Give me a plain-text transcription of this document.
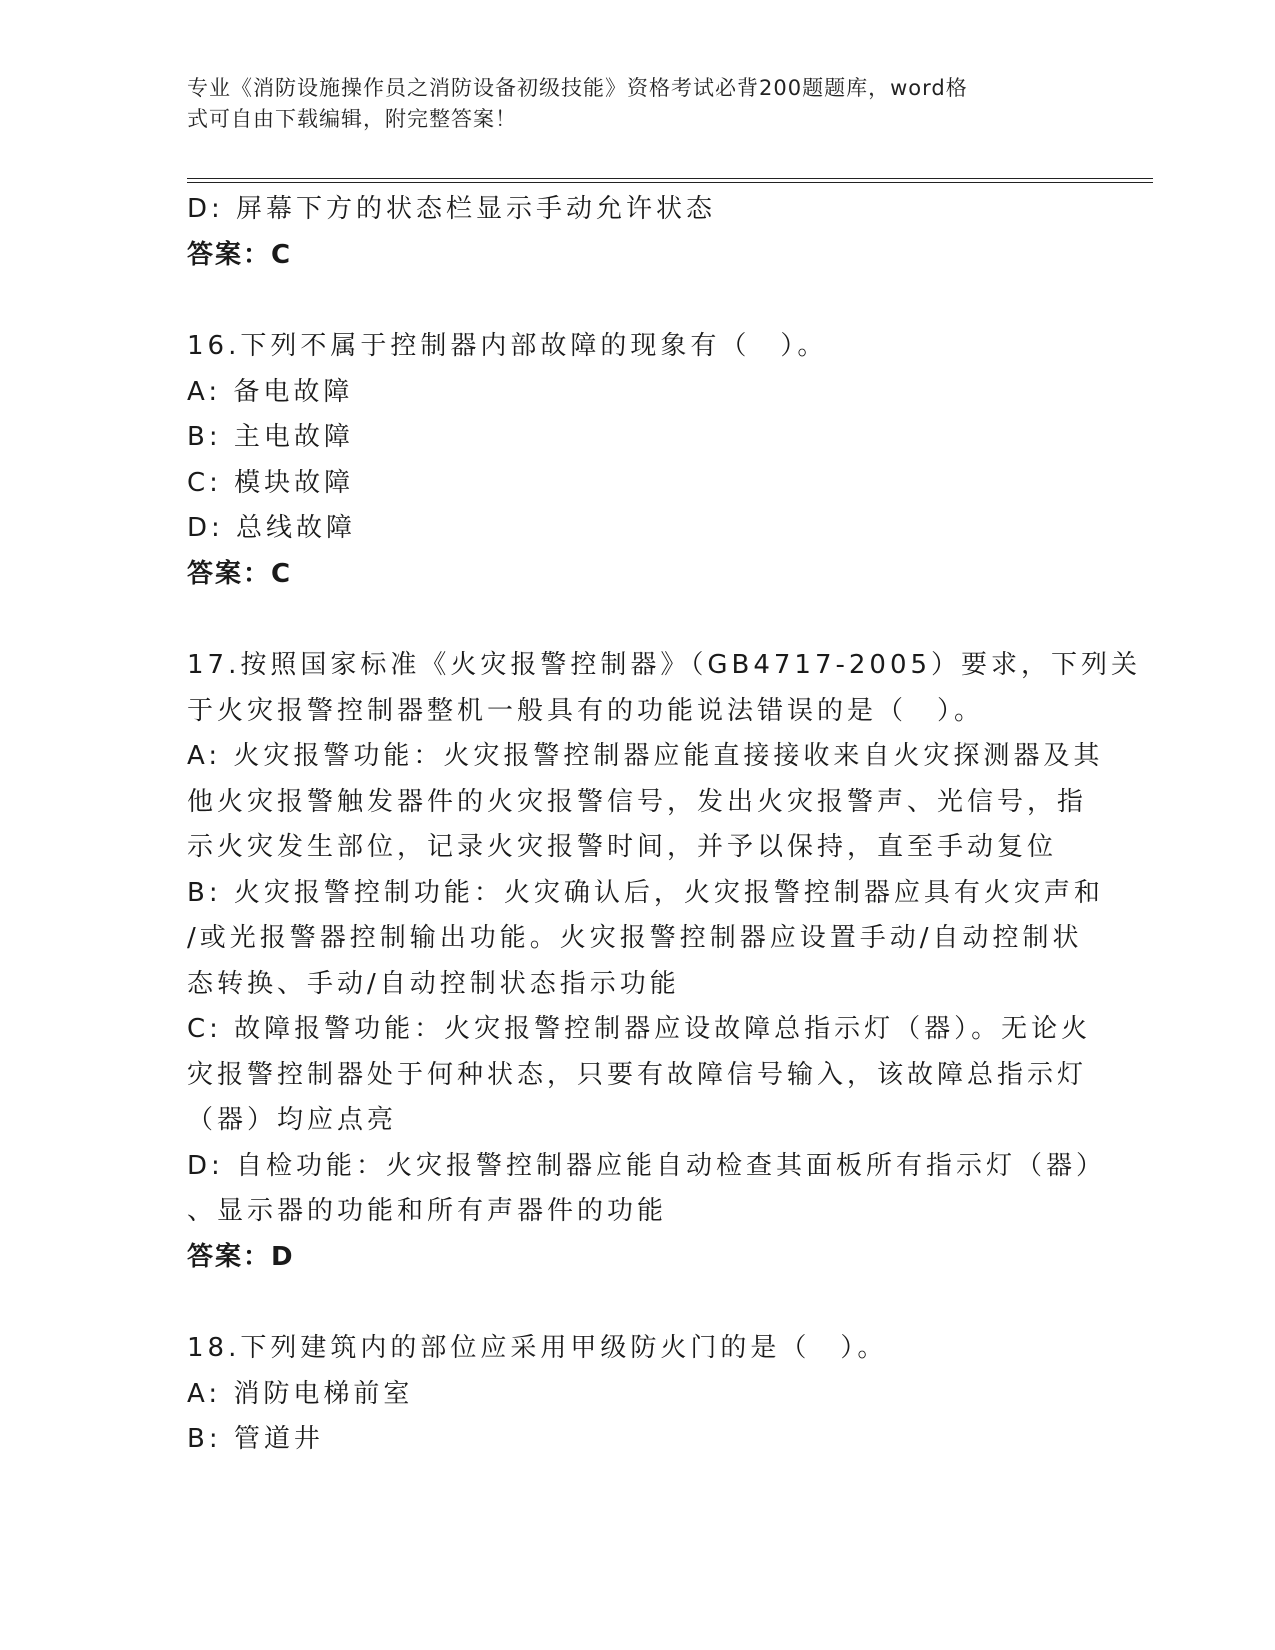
专业《消防设施操作员之消防设备初级技能》资格考试必背200题题库，word格
式可自由下载编辑，附完整答案！
D: 屏幕下方的状态栏显示手动允许状态
答案：C
16.下列不属于控制器内部故障的现象有（　）。
A: 备电故障
B: 主电故障
C: 模块故障
D: 总线故障
答案：C
17.按照国家标准《火灾报警控制器》（GB4717-2005）要求，下列关
于火灾报警控制器整机一般具有的功能说法错误的是（　）。
A: 火灾报警功能：火灾报警控制器应能直接接收来自火灾探测器及其
他火灾报警触发器件的火灾报警信号，发出火灾报警声、光信号，指
示火灾发生部位，记录火灾报警时间，并予以保持，直至手动复位
B: 火灾报警控制功能：火灾确认后，火灾报警控制器应具有火灾声和
/或光报警器控制输出功能。火灾报警控制器应设置手动/自动控制状
态转换、手动/自动控制状态指示功能
C: 故障报警功能：火灾报警控制器应设故障总指示灯（器）。无论火
灾报警控制器处于何种状态，只要有故障信号输入，该故障总指示灯
（器）均应点亮
D: 自检功能：火灾报警控制器应能自动检查其面板所有指示灯（器）
、显示器的功能和所有声器件的功能
答案：D
18.下列建筑内的部位应采用甲级防火门的是（　）。
A: 消防电梯前室
B: 管道井
